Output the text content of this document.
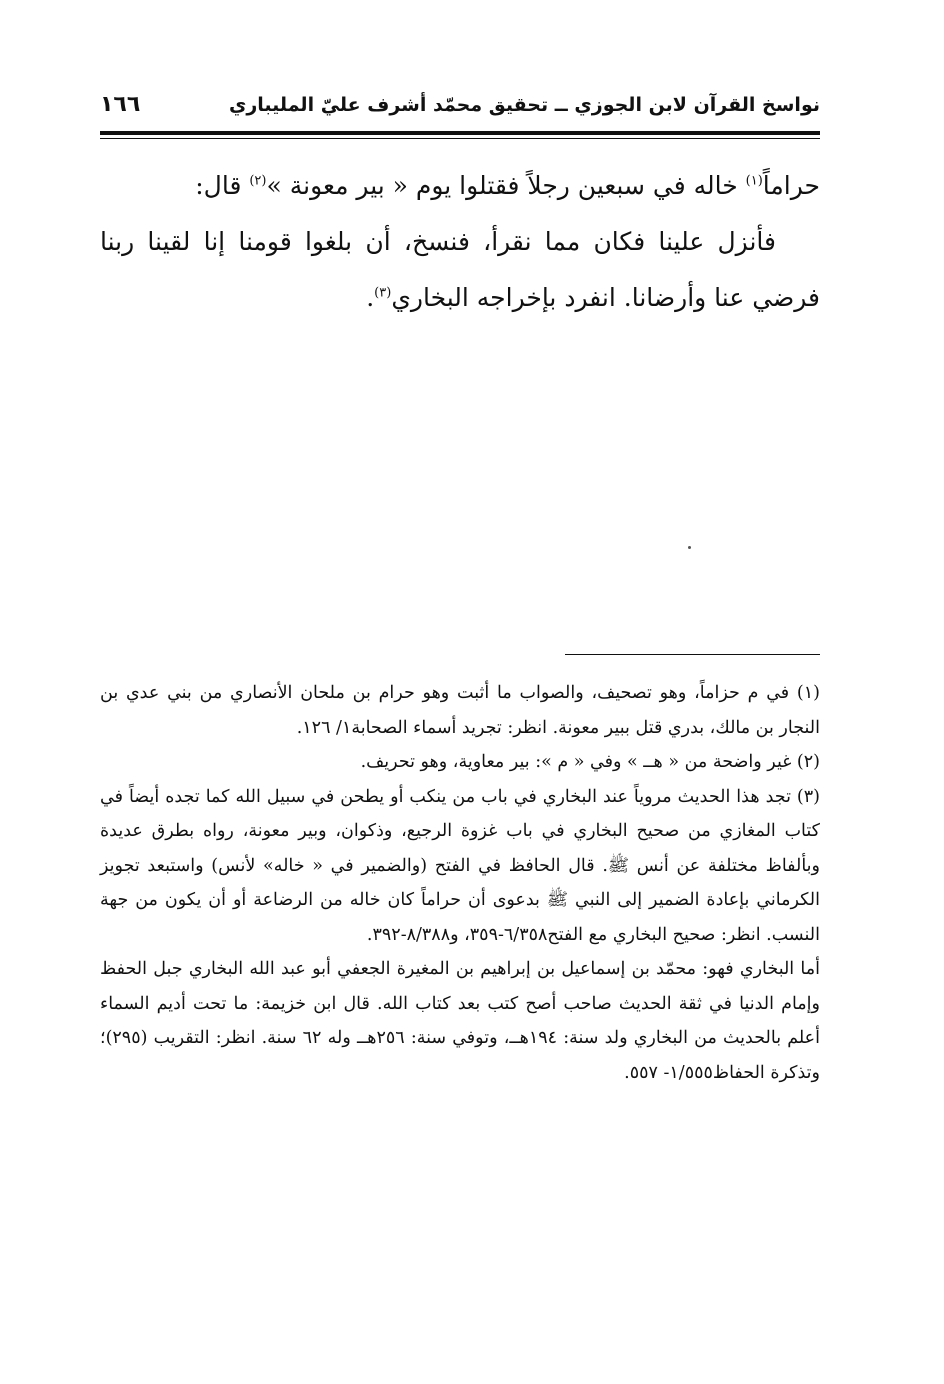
نواسخ القرآن لابن الجوزي ــ تحقيق محمّد أشرف عليّ المليباري
١٦٦

حراماً$^{(١)}$ خاله في سبعين رجلاً فقتلوا يوم « بير معونة »$^{(٢)}$ قال:

فأنزل علينا فكان مما نقرأ، فنسخ، أن بلغوا قومنا إنا لقينا ربنا فرضي عنا وأرضانا. انفرد بإخراجه البخاري$^{(٣)}$.

(١) في م حزاماً، وهو تصحيف، والصواب ما أثبت وهو حرام بن ملحان الأنصاري من بني عدي بن النجار بن مالك، بدري قتل ببير معونة. انظر: تجريد أسماء الصحابة١/ ١٢٦.

(٢) غير واضحة من « هــ » وفي « م »: بير معاوية، وهو تحريف.

(٣) تجد هذا الحديث مروياً عند البخاري في باب من ينكب أو يطحن في سبيل الله كما تجده أيضاً في كتاب المغازي من صحيح البخاري في باب غزوة الرجيع، وذكوان، وبير معونة، رواه بطرق عديدة وبألفاظ مختلفة عن أنس ﷺ. قال الحافظ في الفتح (والضمير في « خاله» لأنس) واستبعد تجويز الكرماني بإعادة الضمير إلى النبي ﷺ بدعوى أن حراماً كان خاله من الرضاعة أو أن يكون من جهة النسب. انظر: صحيح البخاري مع الفتح٦/٣٥٨-٣٥٩، و٨/٣٨٨-٣٩٢.

أما البخاري فهو: محمّد بن إسماعيل بن إبراهيم بن المغيرة الجعفي أبو عبد الله البخاري جبل الحفظ وإمام الدنيا في ثقة الحديث صاحب أصح كتب بعد كتاب الله. قال ابن خزيمة: ما تحت أديم السماء أعلم بالحديث من البخاري ولد سنة: ١٩٤هــ، وتوفي سنة: ٢٥٦هــ وله ٦٢ سنة. انظر: التقريب (٢٩٥)؛ وتذكرة الحفاظ١/٥٥٥- ٥٥٧.
